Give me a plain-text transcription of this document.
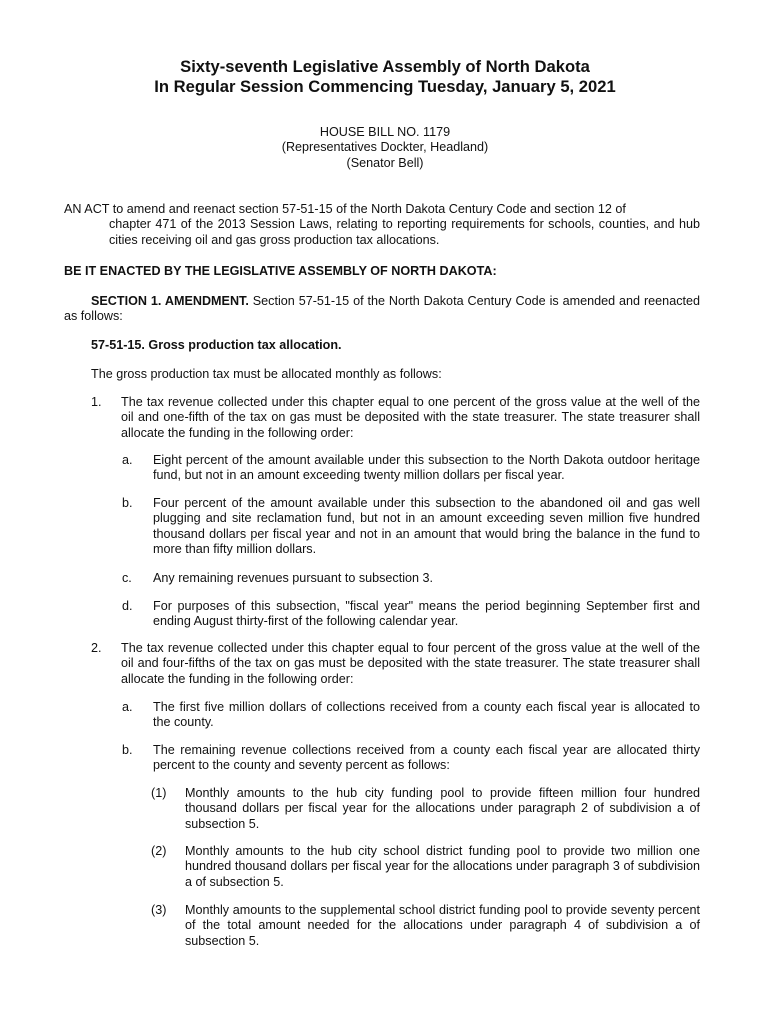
Sixty-seventh Legislative Assembly of North Dakota
In Regular Session Commencing Tuesday, January 5, 2021
HOUSE BILL NO. 1179
(Representatives Dockter, Headland)
(Senator Bell)
AN ACT to amend and reenact section 57-51-15 of the North Dakota Century Code and section 12 of
chapter 471 of the 2013 Session Laws, relating to reporting requirements for schools, counties, and hub cities receiving oil and gas gross production tax allocations.
BE IT ENACTED BY THE LEGISLATIVE ASSEMBLY OF NORTH DAKOTA:
SECTION 1. AMENDMENT. Section 57-51-15 of the North Dakota Century Code is amended and reenacted as follows:
57-51-15. Gross production tax allocation.
The gross production tax must be allocated monthly as follows:
1. The tax revenue collected under this chapter equal to one percent of the gross value at the well of the oil and one-fifth of the tax on gas must be deposited with the state treasurer. The state treasurer shall allocate the funding in the following order:
a. Eight percent of the amount available under this subsection to the North Dakota outdoor heritage fund, but not in an amount exceeding twenty million dollars per fiscal year.
b. Four percent of the amount available under this subsection to the abandoned oil and gas well plugging and site reclamation fund, but not in an amount exceeding seven million five hundred thousand dollars per fiscal year and not in an amount that would bring the balance in the fund to more than fifty million dollars.
c. Any remaining revenues pursuant to subsection 3.
d. For purposes of this subsection, "fiscal year" means the period beginning September first and ending August thirty-first of the following calendar year.
2. The tax revenue collected under this chapter equal to four percent of the gross value at the well of the oil and four-fifths of the tax on gas must be deposited with the state treasurer. The state treasurer shall allocate the funding in the following order:
a. The first five million dollars of collections received from a county each fiscal year is allocated to the county.
b. The remaining revenue collections received from a county each fiscal year are allocated thirty percent to the county and seventy percent as follows:
(1) Monthly amounts to the hub city funding pool to provide fifteen million four hundred thousand dollars per fiscal year for the allocations under paragraph 2 of subdivision a of subsection 5.
(2) Monthly amounts to the hub city school district funding pool to provide two million one hundred thousand dollars per fiscal year for the allocations under paragraph 3 of subdivision a of subsection 5.
(3) Monthly amounts to the supplemental school district funding pool to provide seventy percent of the total amount needed for the allocations under paragraph 4 of subdivision a of subsection 5.
